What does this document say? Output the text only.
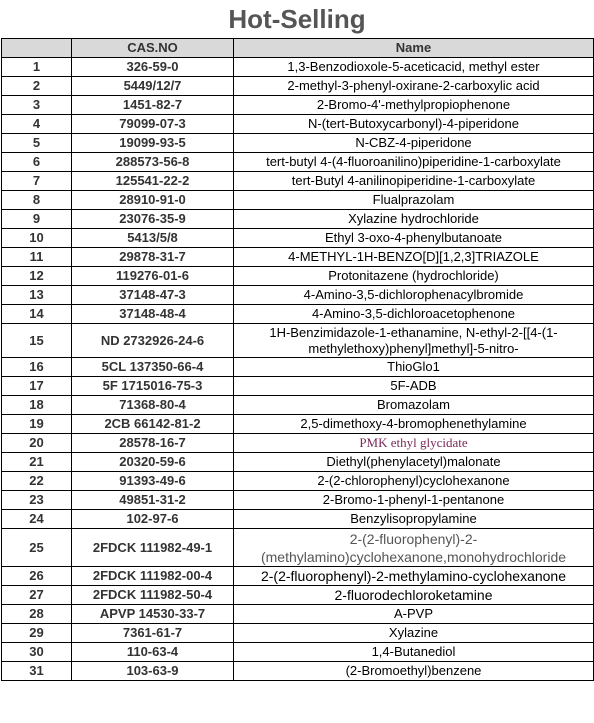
Hot-Selling
	CAS.NO	Name
1	326-59-0	1,3-Benzodioxole-5-aceticacid, methyl ester
2	5449/12/7	2-methyl-3-phenyl-oxirane-2-carboxylic acid
3	1451-82-7	2-Bromo-4'-methylpropiophenone
4	79099-07-3	N-(tert-Butoxycarbonyl)-4-piperidone
5	19099-93-5	N-CBZ-4-piperidone
6	288573-56-8	tert-butyl 4-(4-fluoroanilino)piperidine-1-carboxylate
7	125541-22-2	tert-Butyl 4-anilinopiperidine-1-carboxylate
8	28910-91-0	Flualprazolam
9	23076-35-9	Xylazine hydrochloride
10	5413/5/8	Ethyl 3-oxo-4-phenylbutanoate
11	29878-31-7	4-METHYL-1H-BENZO[D][1,2,3]TRIAZOLE
12	119276-01-6	Protonitazene (hydrochloride)
13	37148-47-3	4-Amino-3,5-dichlorophenacylbromide
14	37148-48-4	4-Amino-3,5-dichloroacetophenone
15	ND 2732926-24-6	1H-Benzimidazole-1-ethanamine, N-ethyl-2-[[4-(1-methylethoxy)phenyl]methyl]-5-nitro-
16	5CL 137350-66-4	ThioGlo1
17	5F 1715016-75-3	5F-ADB
18	71368-80-4	Bromazolam
19	2CB 66142-81-2	2,5-dimethoxy-4-bromophenethylamine
20	28578-16-7	PMK ethyl glycidate
21	20320-59-6	Diethyl(phenylacetyl)malonate
22	91393-49-6	2-(2-chlorophenyl)cyclohexanone
23	49851-31-2	2-Bromo-1-phenyl-1-pentanone
24	102-97-6	Benzylisopropylamine
25	2FDCK 111982-49-1	2-(2-fluorophenyl)-2-(methylamino)cyclohexanone,monohydrochloride
26	2FDCK 111982-00-4	2-(2-fluorophenyl)-2-methylamino-cyclohexanone
27	2FDCK 111982-50-4	2-fluorodechloroketamine
28	APVP 14530-33-7	A-PVP
29	7361-61-7	Xylazine
30	110-63-4	1,4-Butanediol
31	103-63-9	(2-Bromoethyl)benzene
